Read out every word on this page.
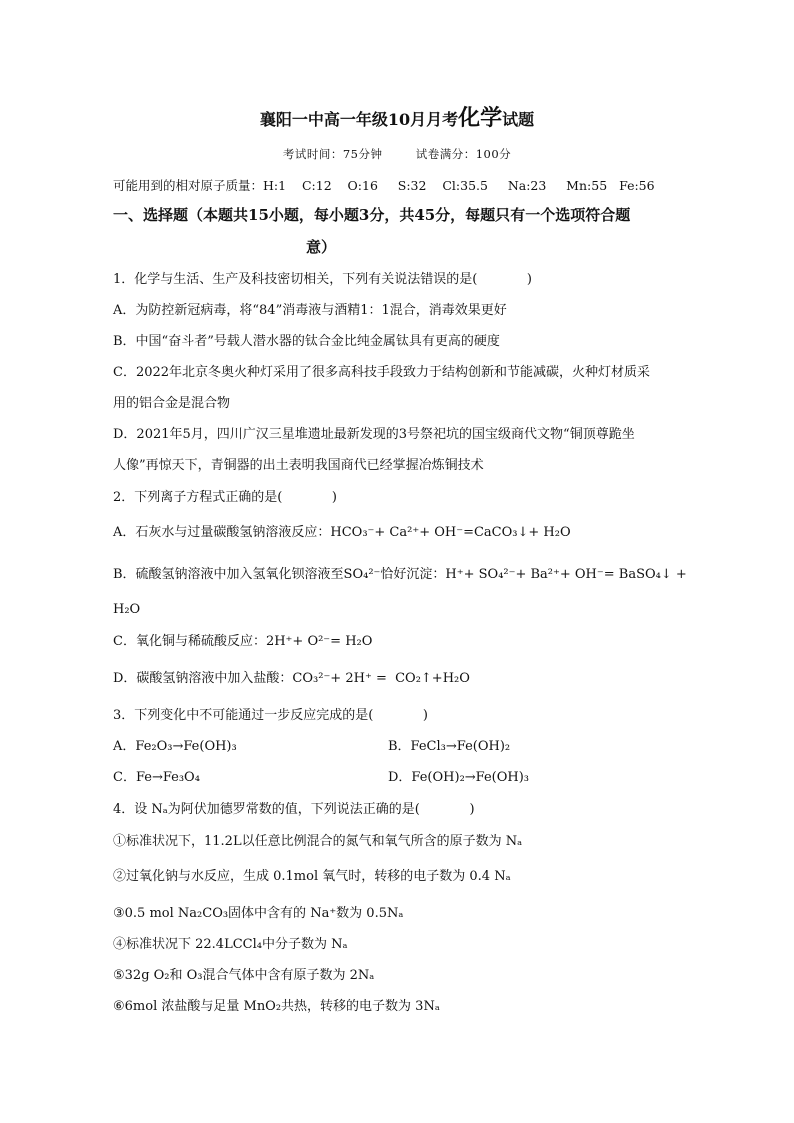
襄阳一中高一年级10月月考化学试题
考试时间：75分钟        试卷满分：100分
可能用到的相对原子质量：H:1    C:12    O:16     S:32    Cl:35.5     Na:23     Mn:55   Fe:56
一、选择题（本题共15小题，每小题3分，共45分，每题只有一个选项符合题
意）
1．化学与生活、生产及科技密切相关，下列有关说法错误的是(            )
A．为防控新冠病毒，将“84”消毒液与酒精1：1混合，消毒效果更好
B．中国“奋斗者”号载人潜水器的钛合金比纯金属钛具有更高的硬度
C．2022年北京冬奥火种灯采用了很多高科技手段致力于结构创新和节能减碳，火种灯材质采
用的铝合金是混合物
D．2021年5月，四川广汉三星堆遗址最新发现的3号祭祀坑的国宝级商代文物“铜顶尊跪坐
人像”再惊天下，青铜器的出土表明我国商代已经掌握冶炼铜技术
2．下列离子方程式正确的是(            )
A．石灰水与过量碳酸氢钠溶液反应：HCO₃⁻+ Ca²⁺+ OH⁻=CaCO₃↓+ H₂O
B．硫酸氢钠溶液中加入氢氧化钡溶液至SO₄²⁻恰好沉淀：H⁺+ SO₄²⁻+ Ba²⁺+ OH⁻= BaSO₄↓ +
H₂O
C．氧化铜与稀硫酸反应：2H⁺+ O²⁻= H₂O
D．碳酸氢钠溶液中加入盐酸：CO₃²⁻+ 2H⁺ =  CO₂↑+H₂O
3．下列变化中不可能通过一步反应完成的是(            )
A．Fe₂O₃→Fe(OH)₃	B．FeCl₃→Fe(OH)₂
C．Fe→Fe₃O₄	D．Fe(OH)₂→Fe(OH)₃
4．设 Nₐ为阿伏加德罗常数的值，下列说法正确的是(            )
①标准状况下，11.2L以任意比例混合的氮气和氧气所含的原子数为 Nₐ
②过氧化钠与水反应，生成 0.1mol 氧气时，转移的电子数为 0.4 Nₐ
③0.5 mol Na₂CO₃固体中含有的 Na⁺数为 0.5Nₐ
④标准状况下 22.4LCCl₄中分子数为 Nₐ
⑤32g O₂和 O₃混合气体中含有原子数为 2Nₐ
⑥6mol 浓盐酸与足量 MnO₂共热，转移的电子数为 3Nₐ
